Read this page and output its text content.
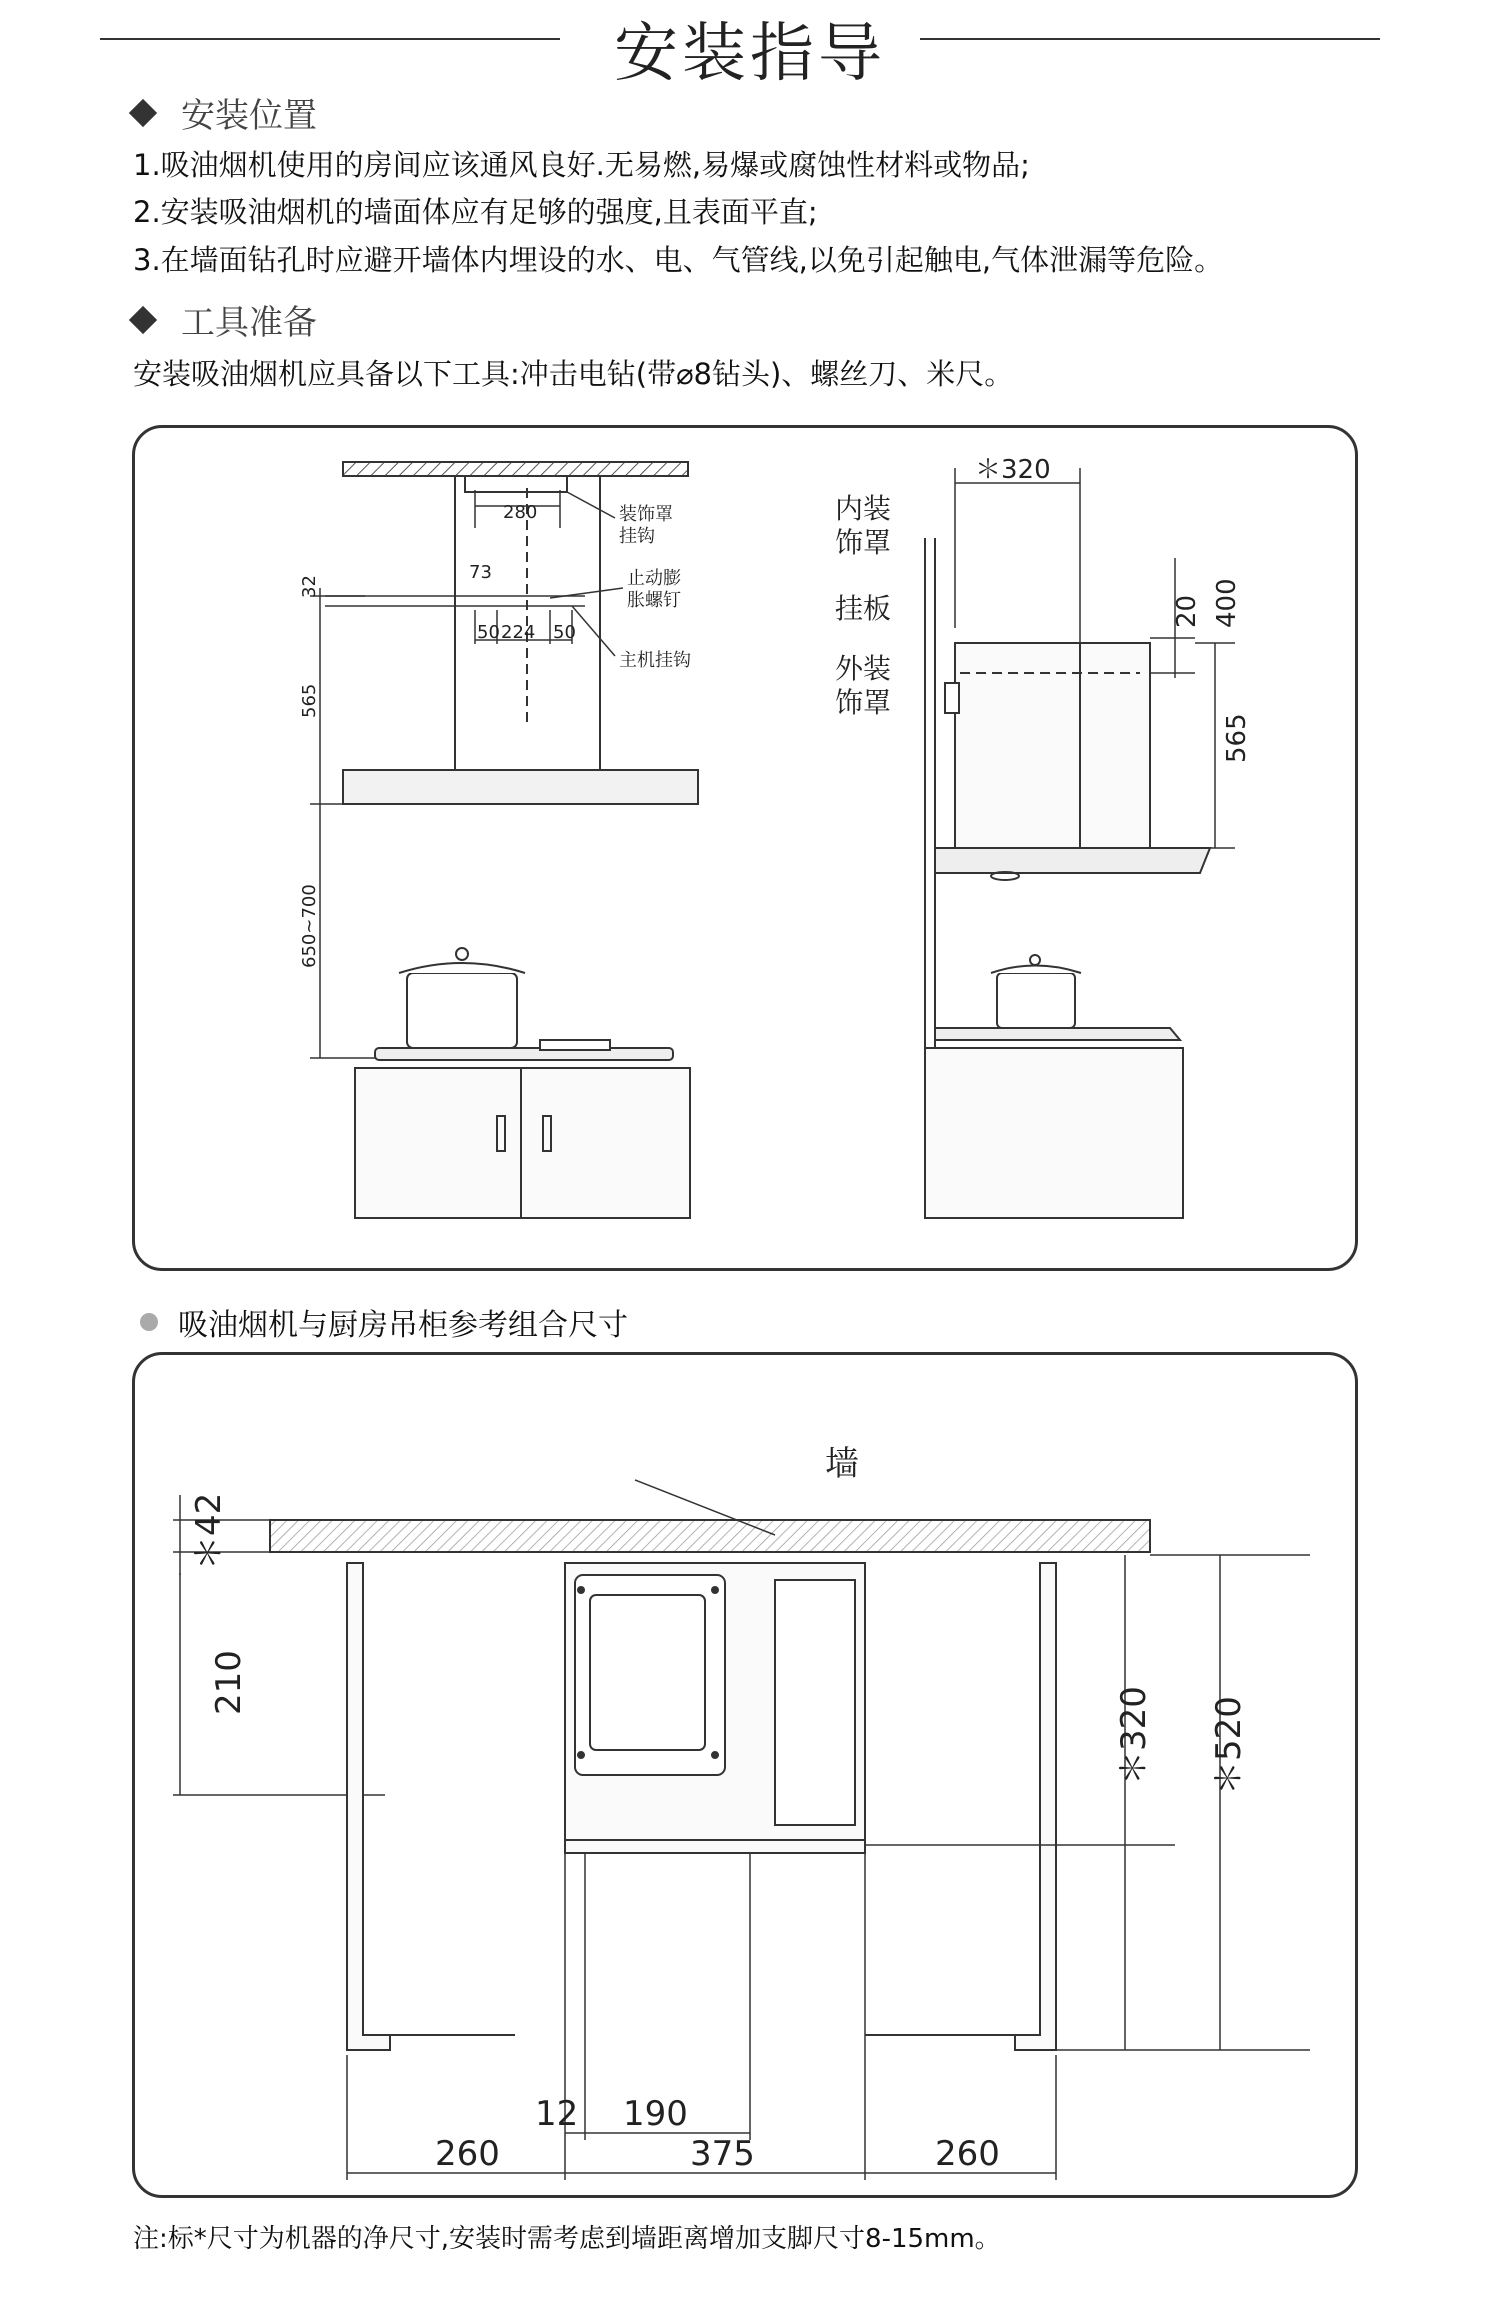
安装指导
安装位置
1.吸油烟机使用的房间应该通风良好.无易燃,易爆或腐蚀性材料或物品;
2.安装吸油烟机的墙面体应有足够的强度,且表面平直;
3.在墙面钻孔时应避开墙体内埋设的水、电、气管线,以免引起触电,气体泄漏等危险。
工具准备
安装吸油烟机应具备以下工具:冲击电钻(带⌀8钻头)、螺丝刀、米尺。
280
73
50 224 50
装饰罩
挂钩
止动膨
胀螺钉
主机挂钩
32
565
650~700
＊320
内装
饰罩
挂板
外装
饰罩
20 400
565
吸油烟机与厨房吊柜参考组合尺寸
墙
12 190
260	375	260
＊42
210
＊320 ＊520
注:标*尺寸为机器的净尺寸,安装时需考虑到墙距离增加支脚尺寸8-15mm。
